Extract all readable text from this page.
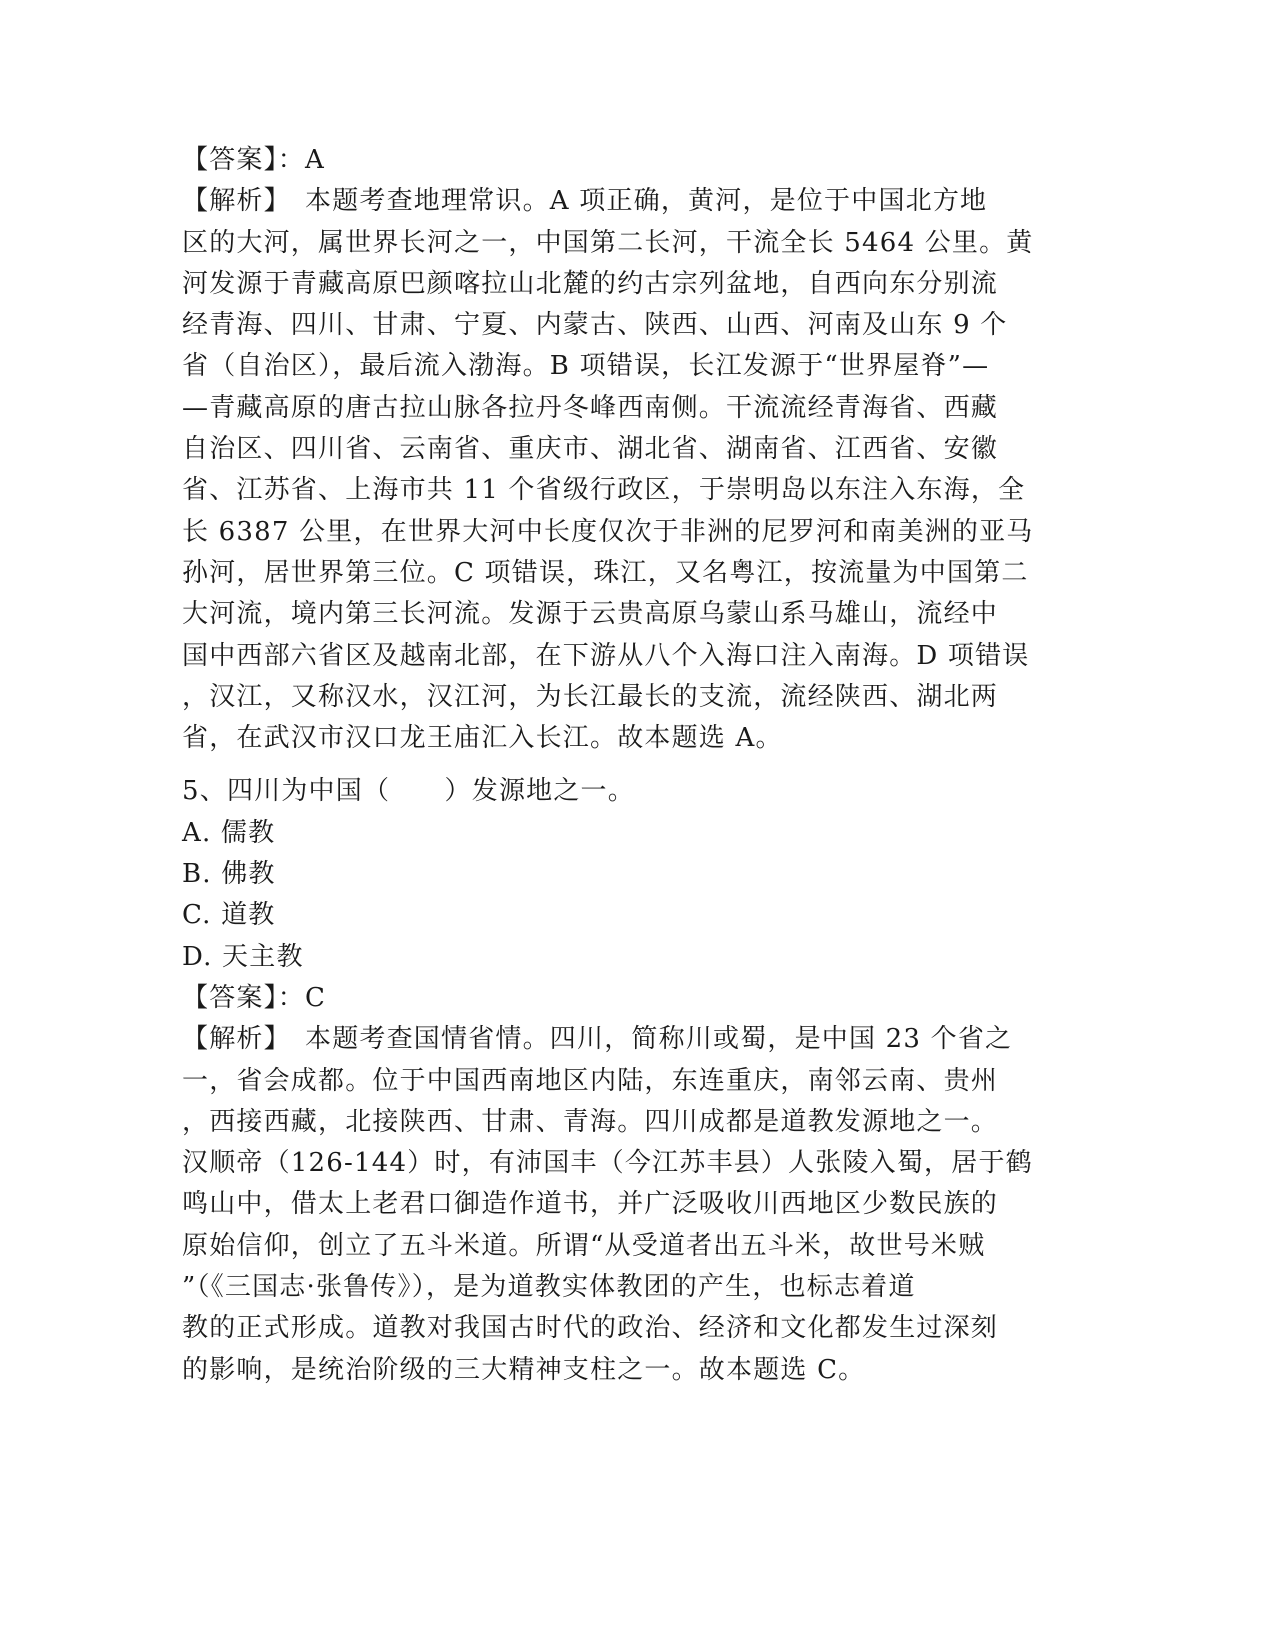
【答案】：A
【解析】　本题考查地理常识。A 项正确，黄河，是位于中国北方地
区的大河，属世界长河之一，中国第二长河，干流全长 5464 公里。黄
河发源于青藏高原巴颜喀拉山北麓的约古宗列盆地，自西向东分别流
经青海、四川、甘肃、宁夏、内蒙古、陕西、山西、河南及山东 9 个
省（自治区），最后流入渤海。B 项错误，长江发源于“世界屋脊”—
—青藏高原的唐古拉山脉各拉丹冬峰西南侧。干流流经青海省、西藏
自治区、四川省、云南省、重庆市、湖北省、湖南省、江西省、安徽
省、江苏省、上海市共 11 个省级行政区，于崇明岛以东注入东海，全
长 6387 公里，在世界大河中长度仅次于非洲的尼罗河和南美洲的亚马
孙河，居世界第三位。C 项错误，珠江，又名粤江，按流量为中国第二
大河流，境内第三长河流。发源于云贵高原乌蒙山系马雄山，流经中
国中西部六省区及越南北部，在下游从八个入海口注入南海。D 项错误
，汉江，又称汉水，汉江河，为长江最长的支流，流经陕西、湖北两
省，在武汉市汉口龙王庙汇入长江。故本题选 A。
5、四川为中国（　　）发源地之一。
A. 儒教
B. 佛教
C. 道教
D. 天主教
【答案】：C
【解析】　本题考查国情省情。四川，简称川或蜀，是中国 23 个省之
一，省会成都。位于中国西南地区内陆，东连重庆，南邻云南、贵州
，西接西藏，北接陕西、甘肃、青海。四川成都是道教发源地之一。
汉顺帝（126-144）时，有沛国丰（今江苏丰县）人张陵入蜀，居于鹤
鸣山中，借太上老君口御造作道书，并广泛吸收川西地区少数民族的
原始信仰，创立了五斗米道。所谓“从受道者出五斗米，故世号米贼
”（《三国志·张鲁传》），是为道教实体教团的产生，也标志着道
教的正式形成。道教对我国古时代的政治、经济和文化都发生过深刻
的影响，是统治阶级的三大精神支柱之一。故本题选 C。
